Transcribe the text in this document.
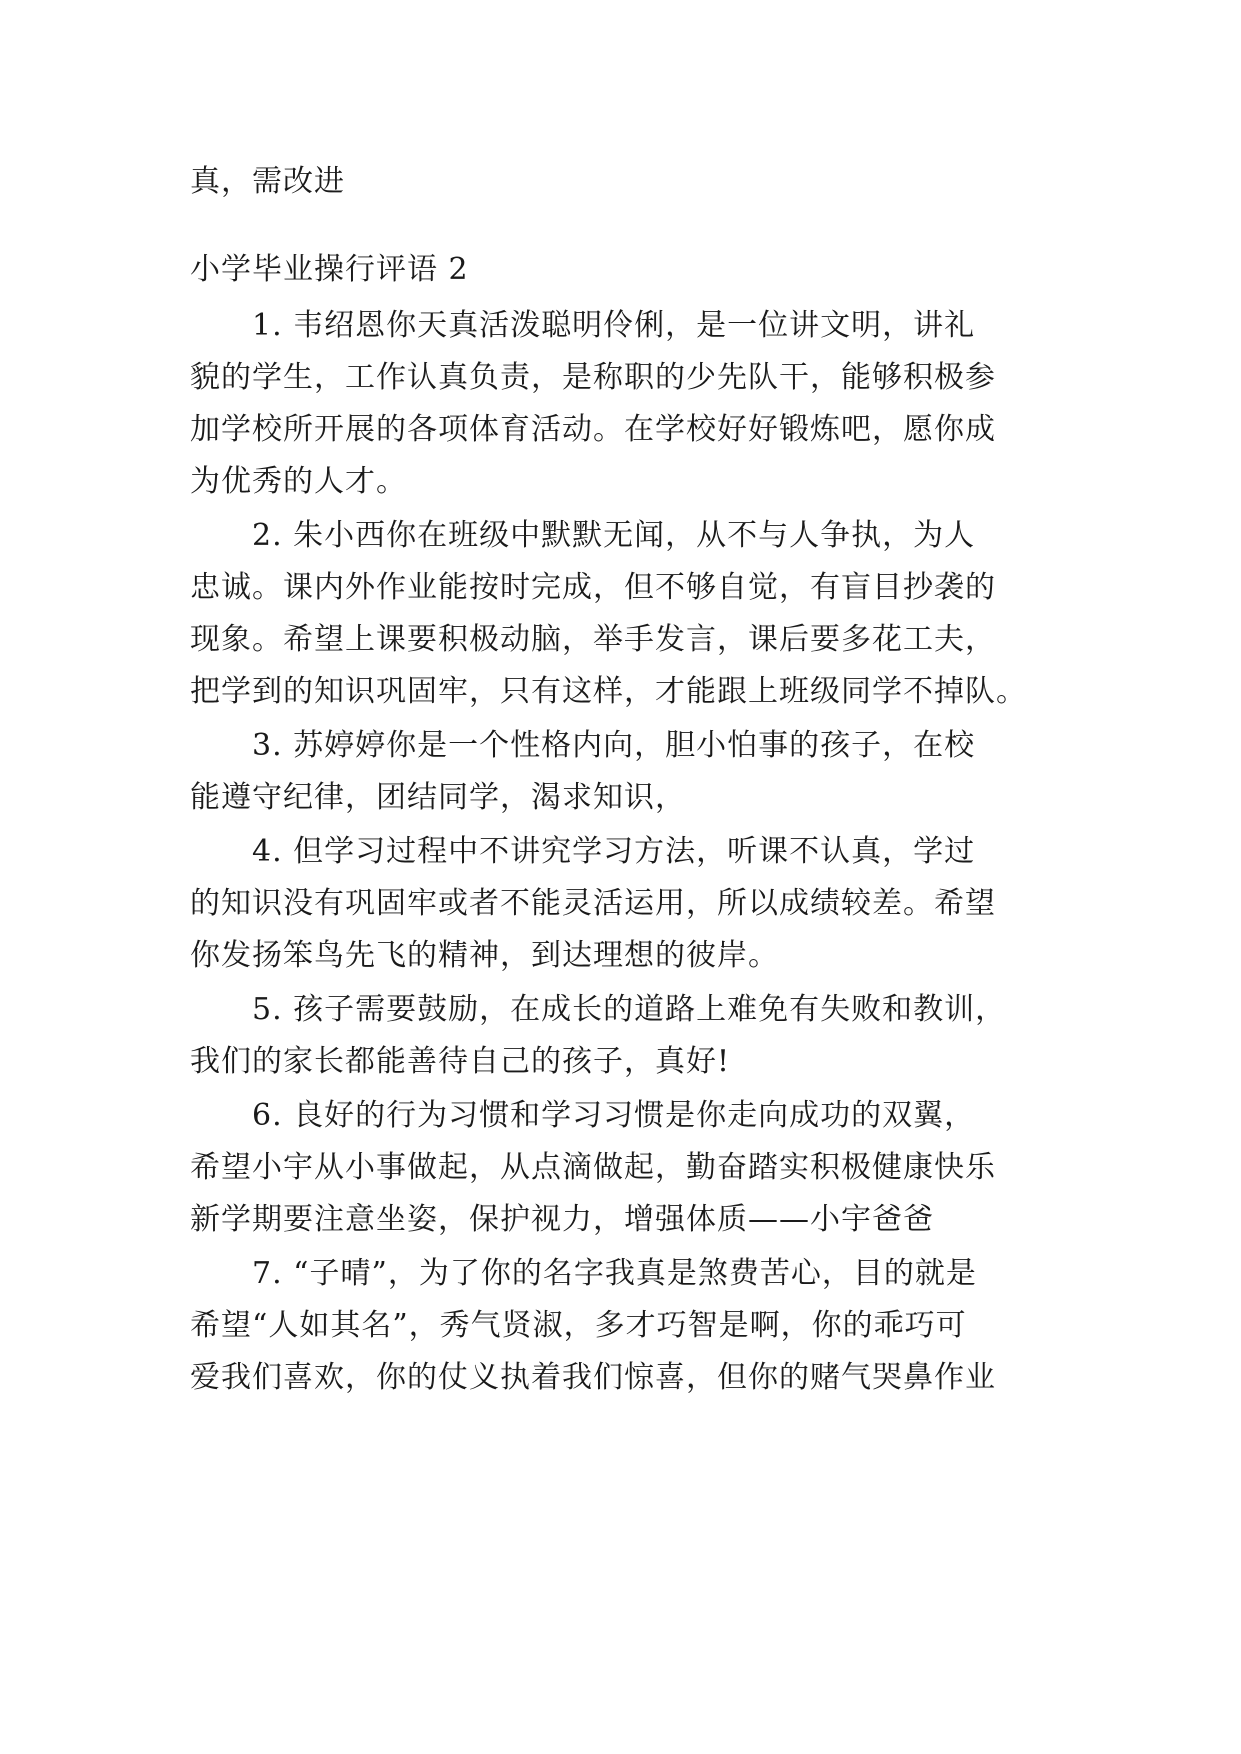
真，需改进
小学毕业操行评语 2
1. 韦绍恩你天真活泼聪明伶俐，是一位讲文明，讲礼
貌的学生，工作认真负责，是称职的少先队干，能够积极参
加学校所开展的各项体育活动。在学校好好锻炼吧，愿你成
为优秀的人才。
2. 朱小西你在班级中默默无闻，从不与人争执，为人
忠诚。课内外作业能按时完成，但不够自觉，有盲目抄袭的
现象。希望上课要积极动脑，举手发言，课后要多花工夫，
把学到的知识巩固牢，只有这样，才能跟上班级同学不掉队。
3. 苏婷婷你是一个性格内向，胆小怕事的孩子，在校
能遵守纪律，团结同学，渴求知识，
4. 但学习过程中不讲究学习方法，听课不认真，学过
的知识没有巩固牢或者不能灵活运用，所以成绩较差。希望
你发扬笨鸟先飞的精神，到达理想的彼岸。
5. 孩子需要鼓励，在成长的道路上难免有失败和教训，
我们的家长都能善待自己的孩子，真好!
6. 良好的行为习惯和学习习惯是你走向成功的双翼，
希望小宇从小事做起，从点滴做起，勤奋踏实积极健康快乐
新学期要注意坐姿，保护视力，增强体质——小宇爸爸
7. “子晴”，为了你的名字我真是煞费苦心，目的就是
希望“人如其名”，秀气贤淑，多才巧智是啊，你的乖巧可
爱我们喜欢，你的仗义执着我们惊喜，但你的赌气哭鼻作业
